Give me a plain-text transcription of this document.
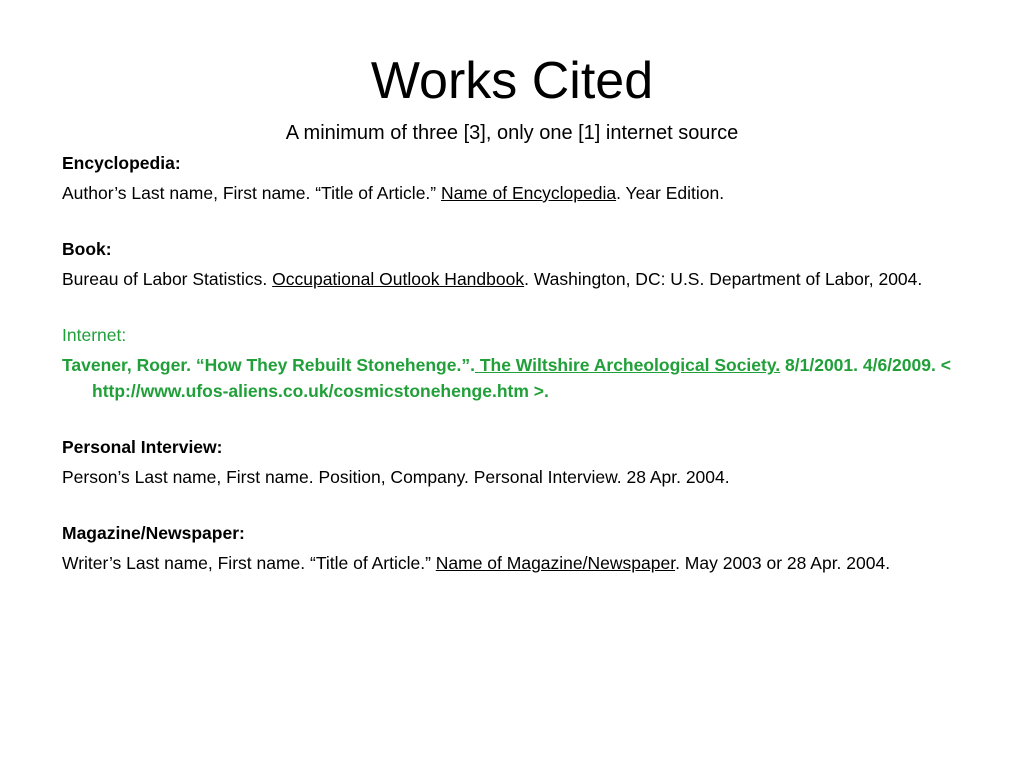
Works Cited

A minimum of three [3], only one [1] internet source

Encyclopedia:
Author’s Last name, First name. “Title of Article.” Name of Encyclopedia. Year Edition.
Book:
Bureau of Labor Statistics. Occupational Outlook Handbook. Washington, DC: U.S. Department of Labor, 2004.
Internet:
Tavener, Roger. “How They Rebuilt Stonehenge.”. The Wiltshire Archeological Society. 8/1/2001. 4/6/2009. < http://www.ufos-aliens.co.uk/cosmicstonehenge.htm >.
Personal Interview:
Person’s Last name, First name. Position, Company. Personal Interview. 28 Apr. 2004.
Magazine/Newspaper:
Writer’s Last name, First name. “Title of Article.” Name of Magazine/Newspaper. May 2003 or 28 Apr. 2004.
